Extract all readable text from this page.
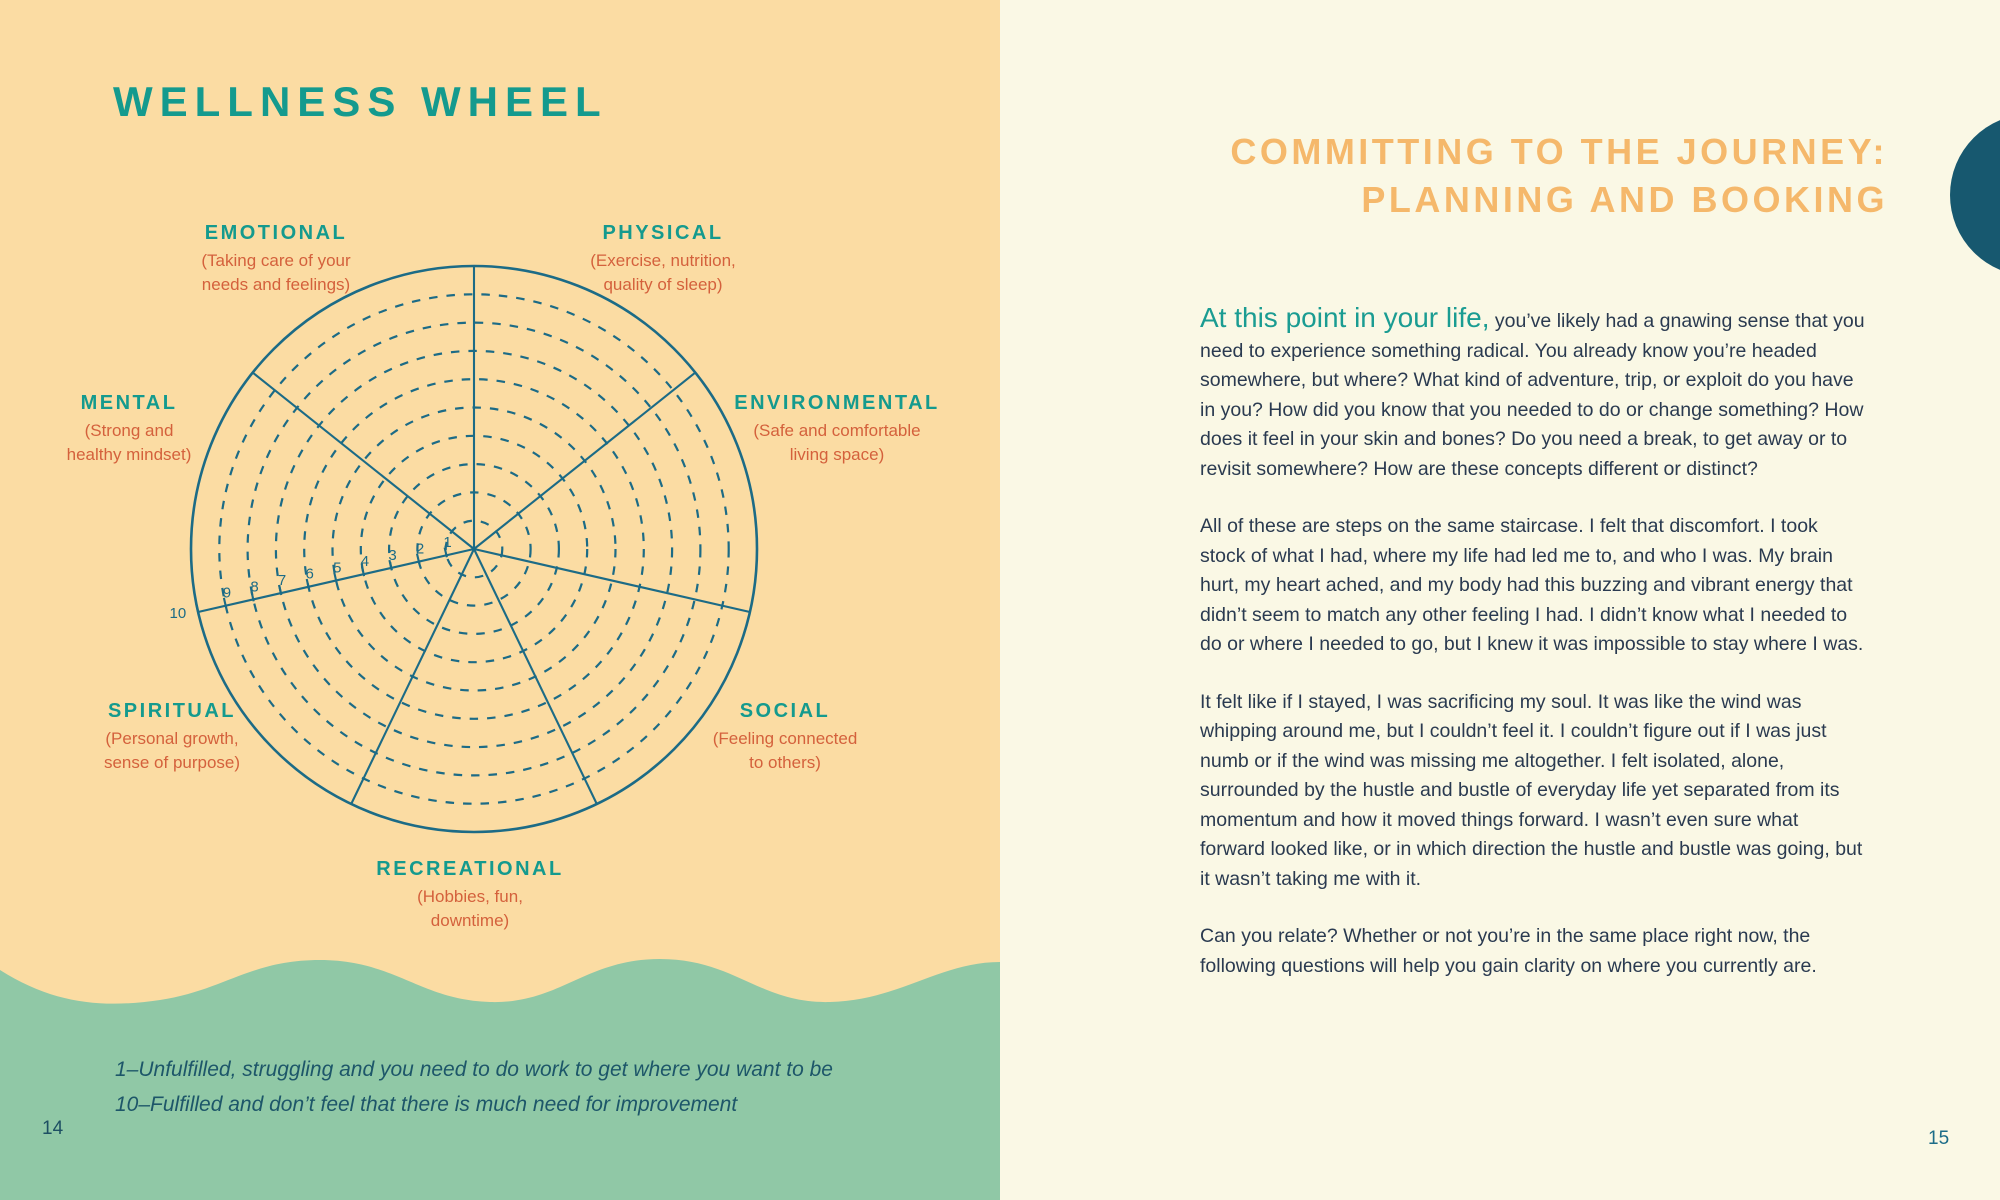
WELLNESS WHEEL
1
2
3
4
5
6
7
8
9
10
EMOTIONAL
(Taking care of your
needs and feelings)
PHYSICAL
(Exercise, nutrition,
quality of sleep)
MENTAL
(Strong and
healthy mindset)
ENVIRONMENTAL
(Safe and comfortable
living space)
SPIRITUAL
(Personal growth,
sense of purpose)
SOCIAL
(Feeling connected
to others)
RECREATIONAL
(Hobbies, fun,
downtime)
1–Unfulfilled, struggling and you need to do work to get where you want to be
10–Fulfilled and don’t feel that there is much need for improvement
14
COMMITTING TO THE JOURNEY:
PLANNING AND BOOKING

At this point in your life, you’ve likely had a gnawing sense that you need to experience something radical. You already know you’re headed somewhere, but where? What kind of adventure, trip, or exploit do you have in you? How did you know that you needed to do or change something? How does it feel in your skin and bones? Do you need a break, to get away or to revisit somewhere? How are these concepts different or distinct?

All of these are steps on the same staircase. I felt that discomfort. I took stock of what I had, where my life had led me to, and who I was. My brain hurt, my heart ached, and my body had this buzzing and vibrant energy that didn’t seem to match any other feeling I had. I didn’t know what I needed to do or where I needed to go, but I knew it was impossible to stay where I was.

It felt like if I stayed, I was sacrificing my soul. It was like the wind was whipping around me, but I couldn’t feel it. I couldn’t figure out if I was just numb or if the wind was missing me altogether. I felt isolated, alone, surrounded by the hustle and bustle of everyday life yet separated from its momentum and how it moved things forward. I wasn’t even sure what forward looked like, or in which direction the hustle and bustle was going, but it wasn’t taking me with it.

Can you relate? Whether or not you’re in the same place right now, the following questions will help you gain clarity on where you currently are.

15
